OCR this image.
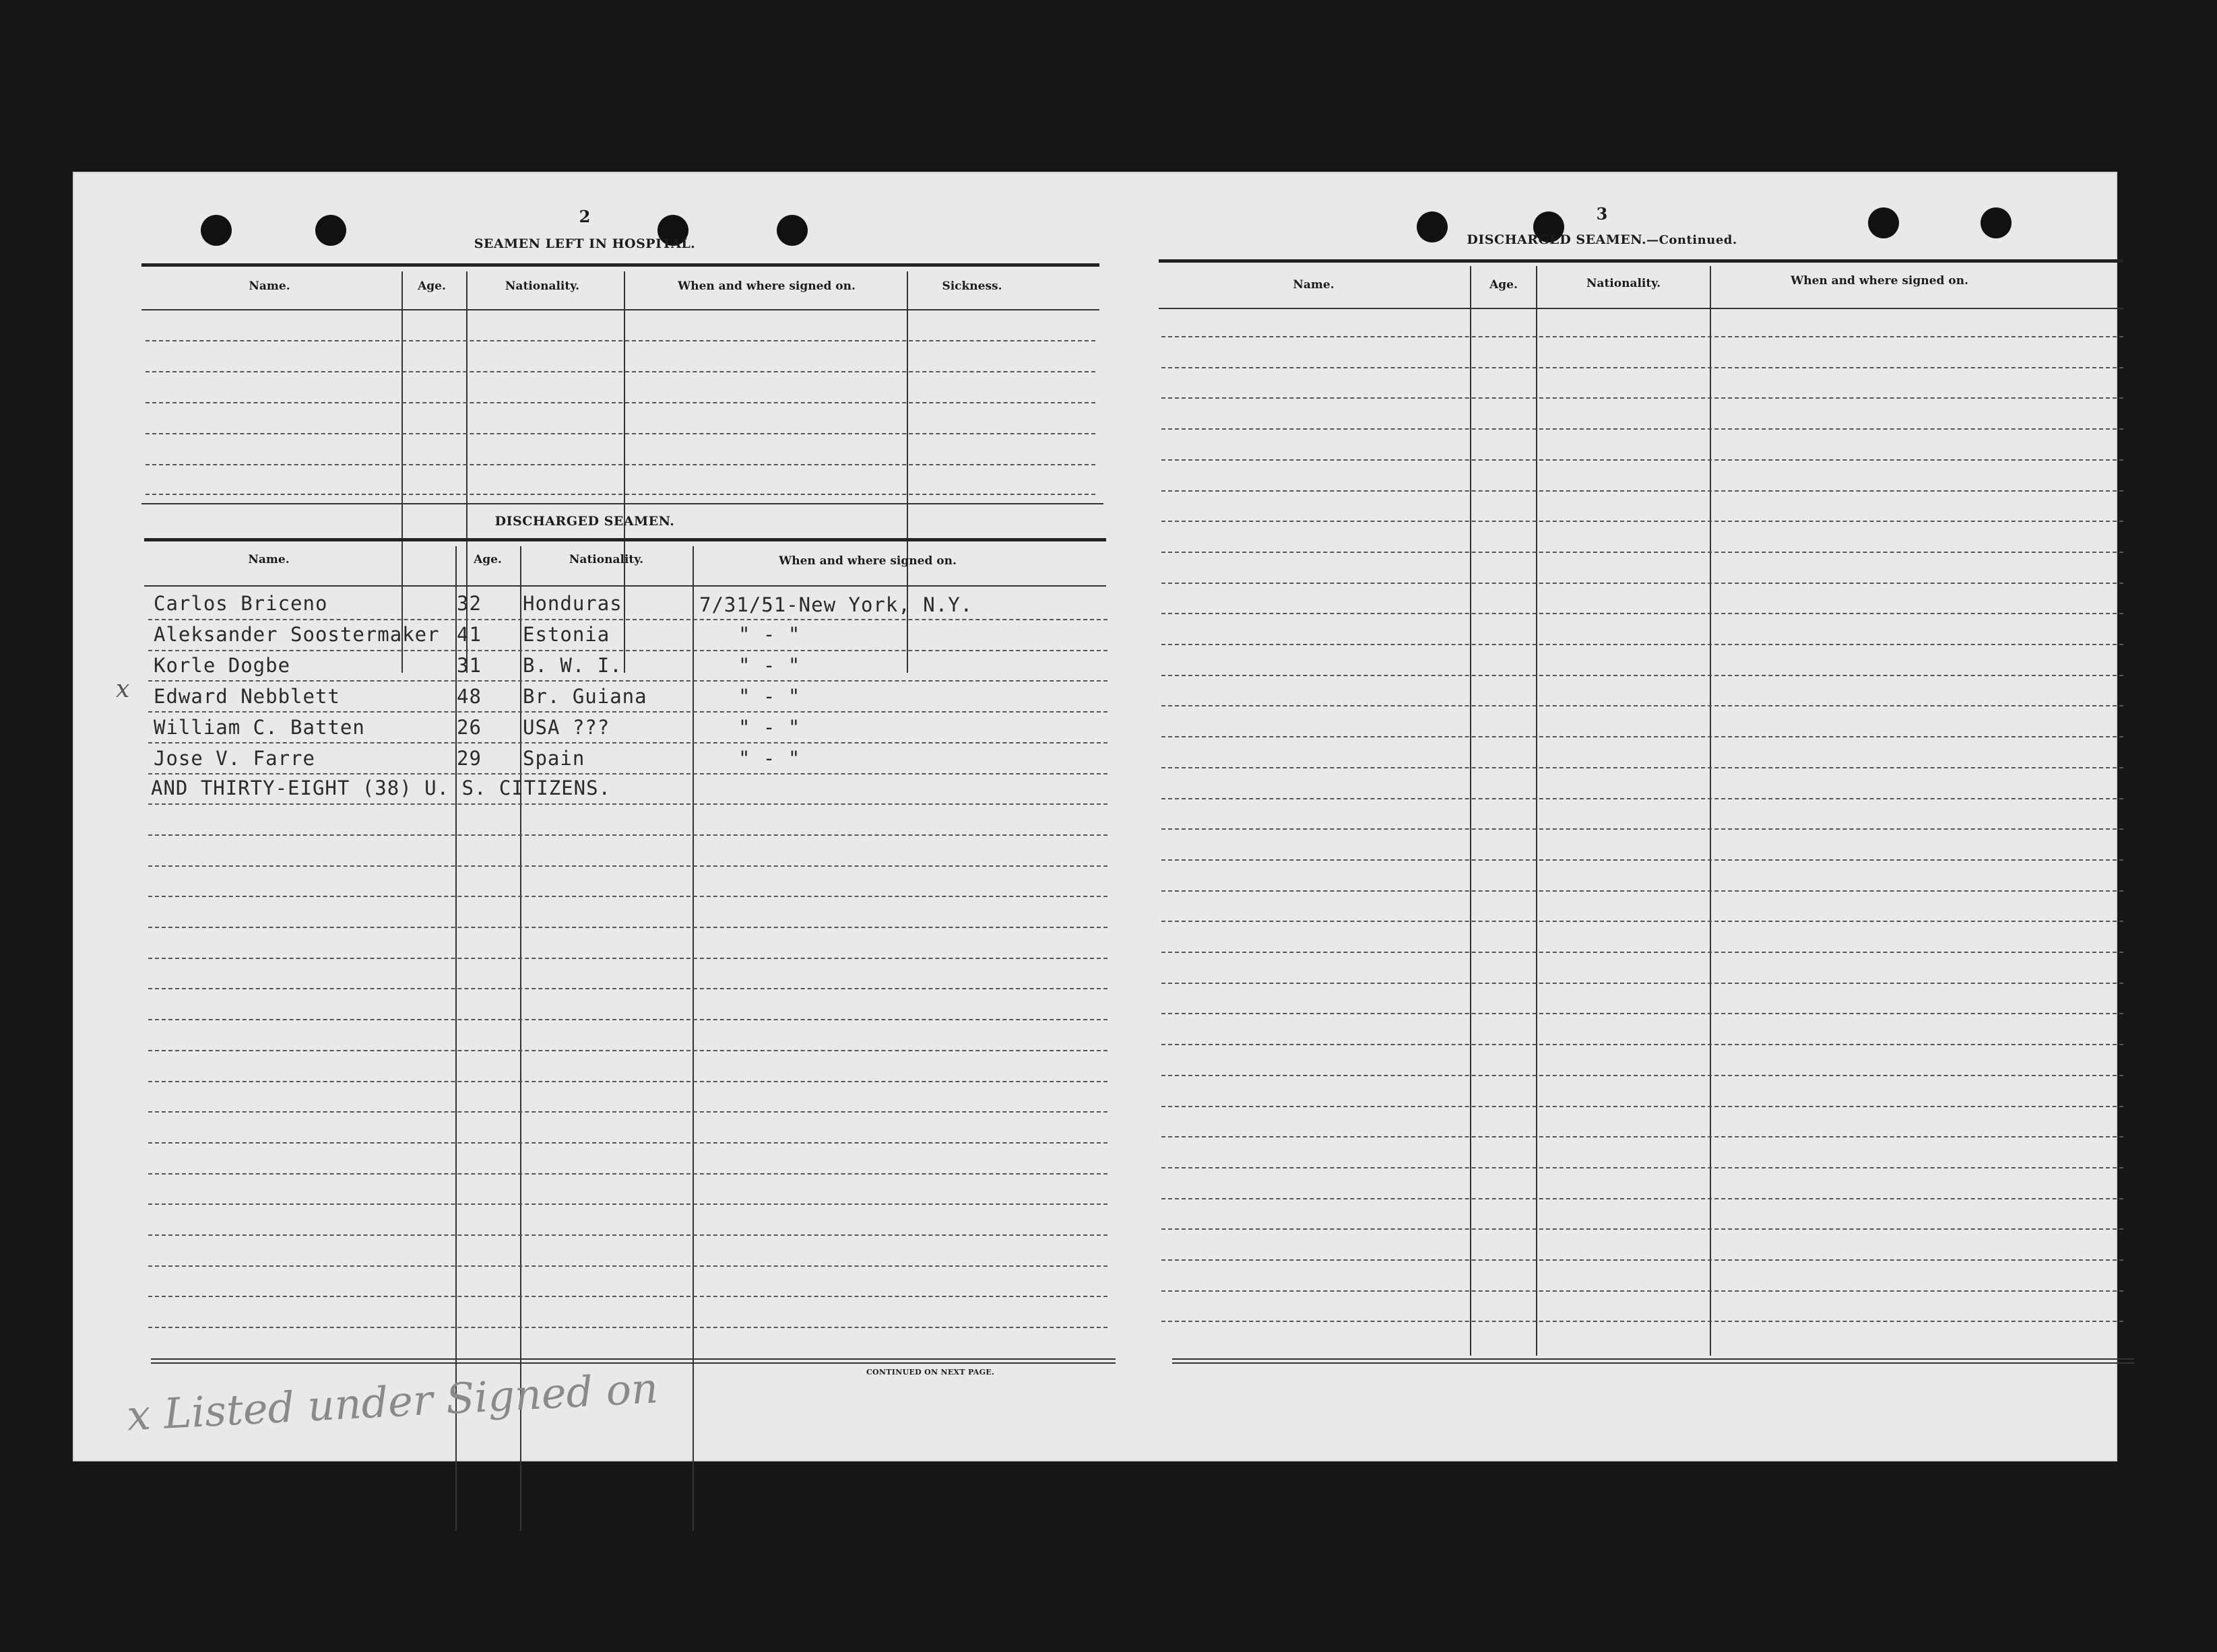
2
SEAMEN LEFT IN HOSPITAL.
Name.	Age.	Nationality.	When and where signed on.	Sickness.
DISCHARGED SEAMEN.
Name.	Age.	Nationality.	When and where signed on.
Carlos Briceno	32 Honduras	7/31/51-New York, N.Y.
Aleksander Soostermaker 41 Estonia	" - "
Korle Dogbe	31 B. W. I.	" - "
x Edward Nebblett	48 Br. Guiana	" - "
William C. Batten	26 USA ???	" - "
Jose V. Farre	29 Spain	" - "
AND THIRTY-EIGHT (38) U. S. CITIZENS.
CONTINUED ON NEXT PAGE.
x Listed under Signed on
3
DISCHARGED SEAMEN.—Continued.
Name.	Age.	Nationality.	When and where signed on.
